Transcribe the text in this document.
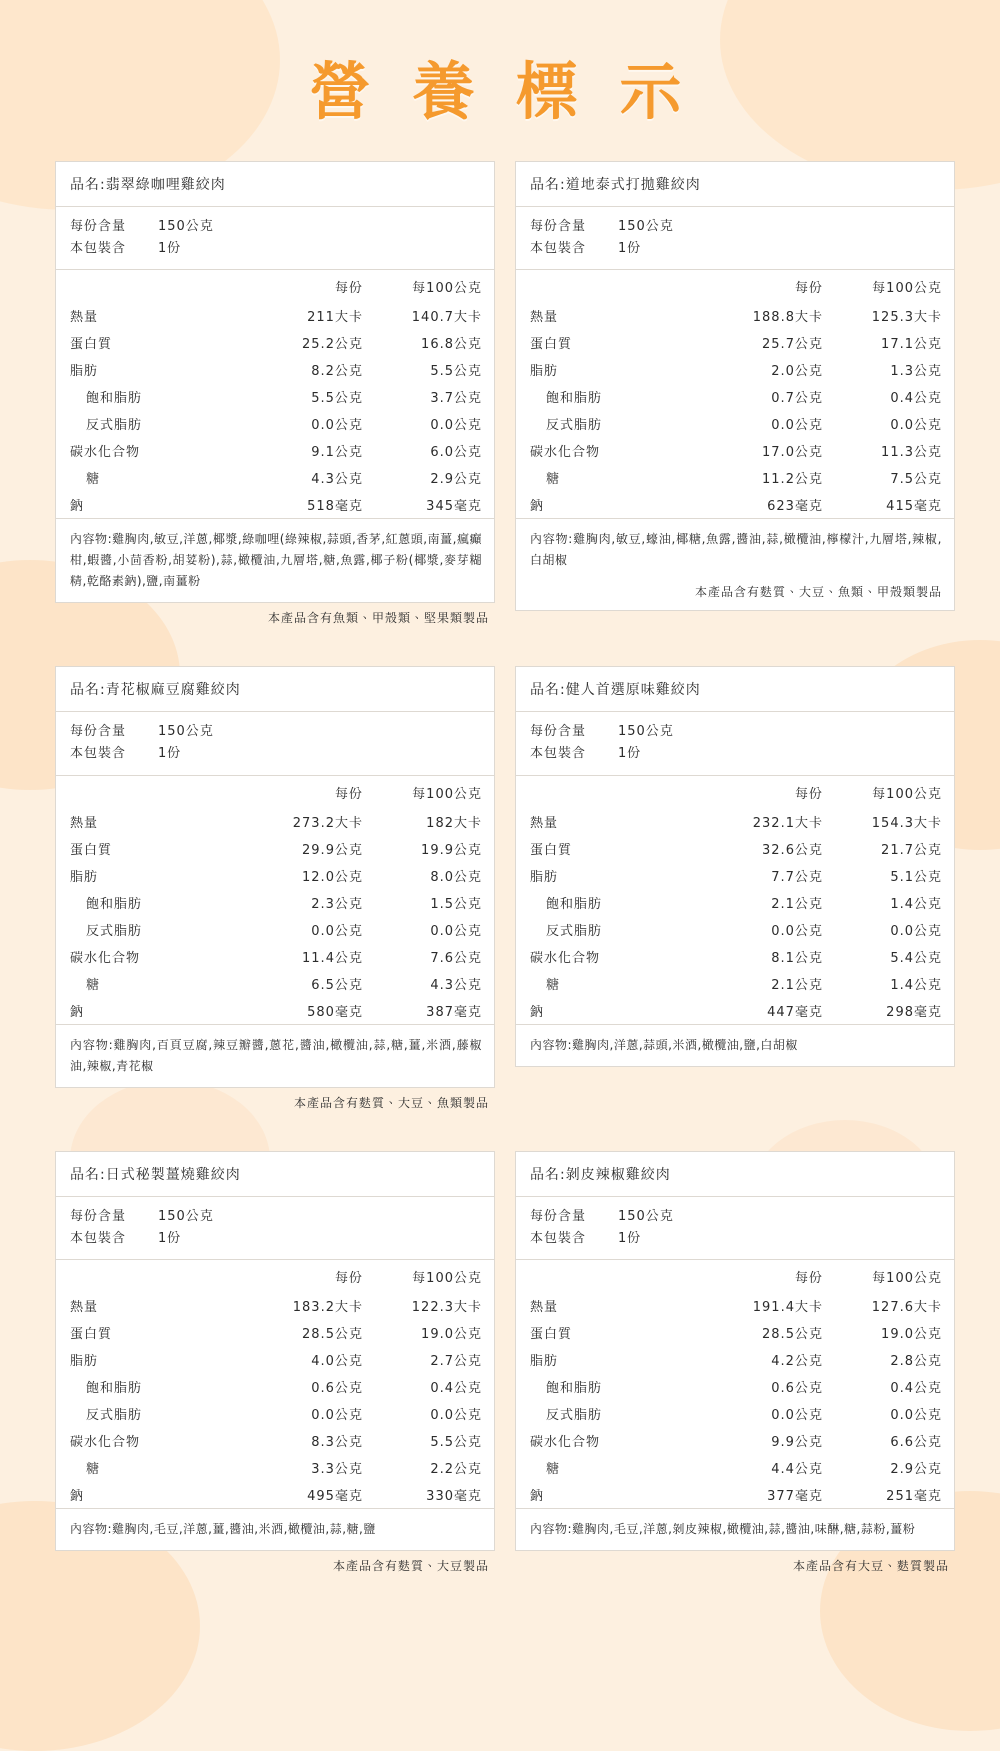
營 養 標 示
品名:翡翠綠咖哩雞絞肉
每份含量	150公克
本包裝含	1份
	每份	每100公克
熱量	211大卡	140.7大卡
蛋白質	25.2公克	16.8公克
脂肪	8.2公克	5.5公克
飽和脂肪	5.5公克	3.7公克
反式脂肪	0.0公克	0.0公克
碳水化合物	9.1公克	6.0公克
糖	4.3公克	2.9公克
鈉	518毫克	345毫克
內容物:雞胸肉,敏豆,洋蔥,椰漿,綠咖哩(綠辣椒,蒜頭,香茅,紅蔥頭,南薑,瘋癲柑,蝦醬,小茴香粉,胡荽粉),蒜,橄欖油,九層塔,糖,魚露,椰子粉(椰漿,麥芽糊精,乾酪素鈉),鹽,南薑粉
本產品含有魚類、甲殼類、堅果類製品
品名:道地泰式打拋雞絞肉
每份含量	150公克
本包裝含	1份
	每份	每100公克
熱量	188.8大卡	125.3大卡
蛋白質	25.7公克	17.1公克
脂肪	2.0公克	1.3公克
飽和脂肪	0.7公克	0.4公克
反式脂肪	0.0公克	0.0公克
碳水化合物	17.0公克	11.3公克
糖	11.2公克	7.5公克
鈉	623毫克	415毫克
內容物:雞胸肉,敏豆,蠔油,椰糖,魚露,醬油,蒜,橄欖油,檸檬汁,九層塔,辣椒,白胡椒
本產品含有麩質、大豆、魚類、甲殼類製品
品名:青花椒麻豆腐雞絞肉
每份含量	150公克
本包裝含	1份
	每份	每100公克
熱量	273.2大卡	182大卡
蛋白質	29.9公克	19.9公克
脂肪	12.0公克	8.0公克
飽和脂肪	2.3公克	1.5公克
反式脂肪	0.0公克	0.0公克
碳水化合物	11.4公克	7.6公克
糖	6.5公克	4.3公克
鈉	580毫克	387毫克
內容物:雞胸肉,百頁豆腐,辣豆瓣醬,蔥花,醬油,橄欖油,蒜,糖,薑,米酒,藤椒油,辣椒,青花椒
本產品含有麩質、大豆、魚類製品
品名:健人首選原味雞絞肉
每份含量	150公克
本包裝含	1份
	每份	每100公克
熱量	232.1大卡	154.3大卡
蛋白質	32.6公克	21.7公克
脂肪	7.7公克	5.1公克
飽和脂肪	2.1公克	1.4公克
反式脂肪	0.0公克	0.0公克
碳水化合物	8.1公克	5.4公克
糖	2.1公克	1.4公克
鈉	447毫克	298毫克
內容物:雞胸肉,洋蔥,蒜頭,米酒,橄欖油,鹽,白胡椒
品名:日式秘製薑燒雞絞肉
每份含量	150公克
本包裝含	1份
	每份	每100公克
熱量	183.2大卡	122.3大卡
蛋白質	28.5公克	19.0公克
脂肪	4.0公克	2.7公克
飽和脂肪	0.6公克	0.4公克
反式脂肪	0.0公克	0.0公克
碳水化合物	8.3公克	5.5公克
糖	3.3公克	2.2公克
鈉	495毫克	330毫克
內容物:雞胸肉,毛豆,洋蔥,薑,醬油,米酒,橄欖油,蒜,糖,鹽
本產品含有麩質、大豆製品
品名:剝皮辣椒雞絞肉
每份含量	150公克
本包裝含	1份
	每份	每100公克
熱量	191.4大卡	127.6大卡
蛋白質	28.5公克	19.0公克
脂肪	4.2公克	2.8公克
飽和脂肪	0.6公克	0.4公克
反式脂肪	0.0公克	0.0公克
碳水化合物	9.9公克	6.6公克
糖	4.4公克	2.9公克
鈉	377毫克	251毫克
內容物:雞胸肉,毛豆,洋蔥,剝皮辣椒,橄欖油,蒜,醬油,味醂,糖,蒜粉,薑粉
本產品含有大豆、麩質製品
